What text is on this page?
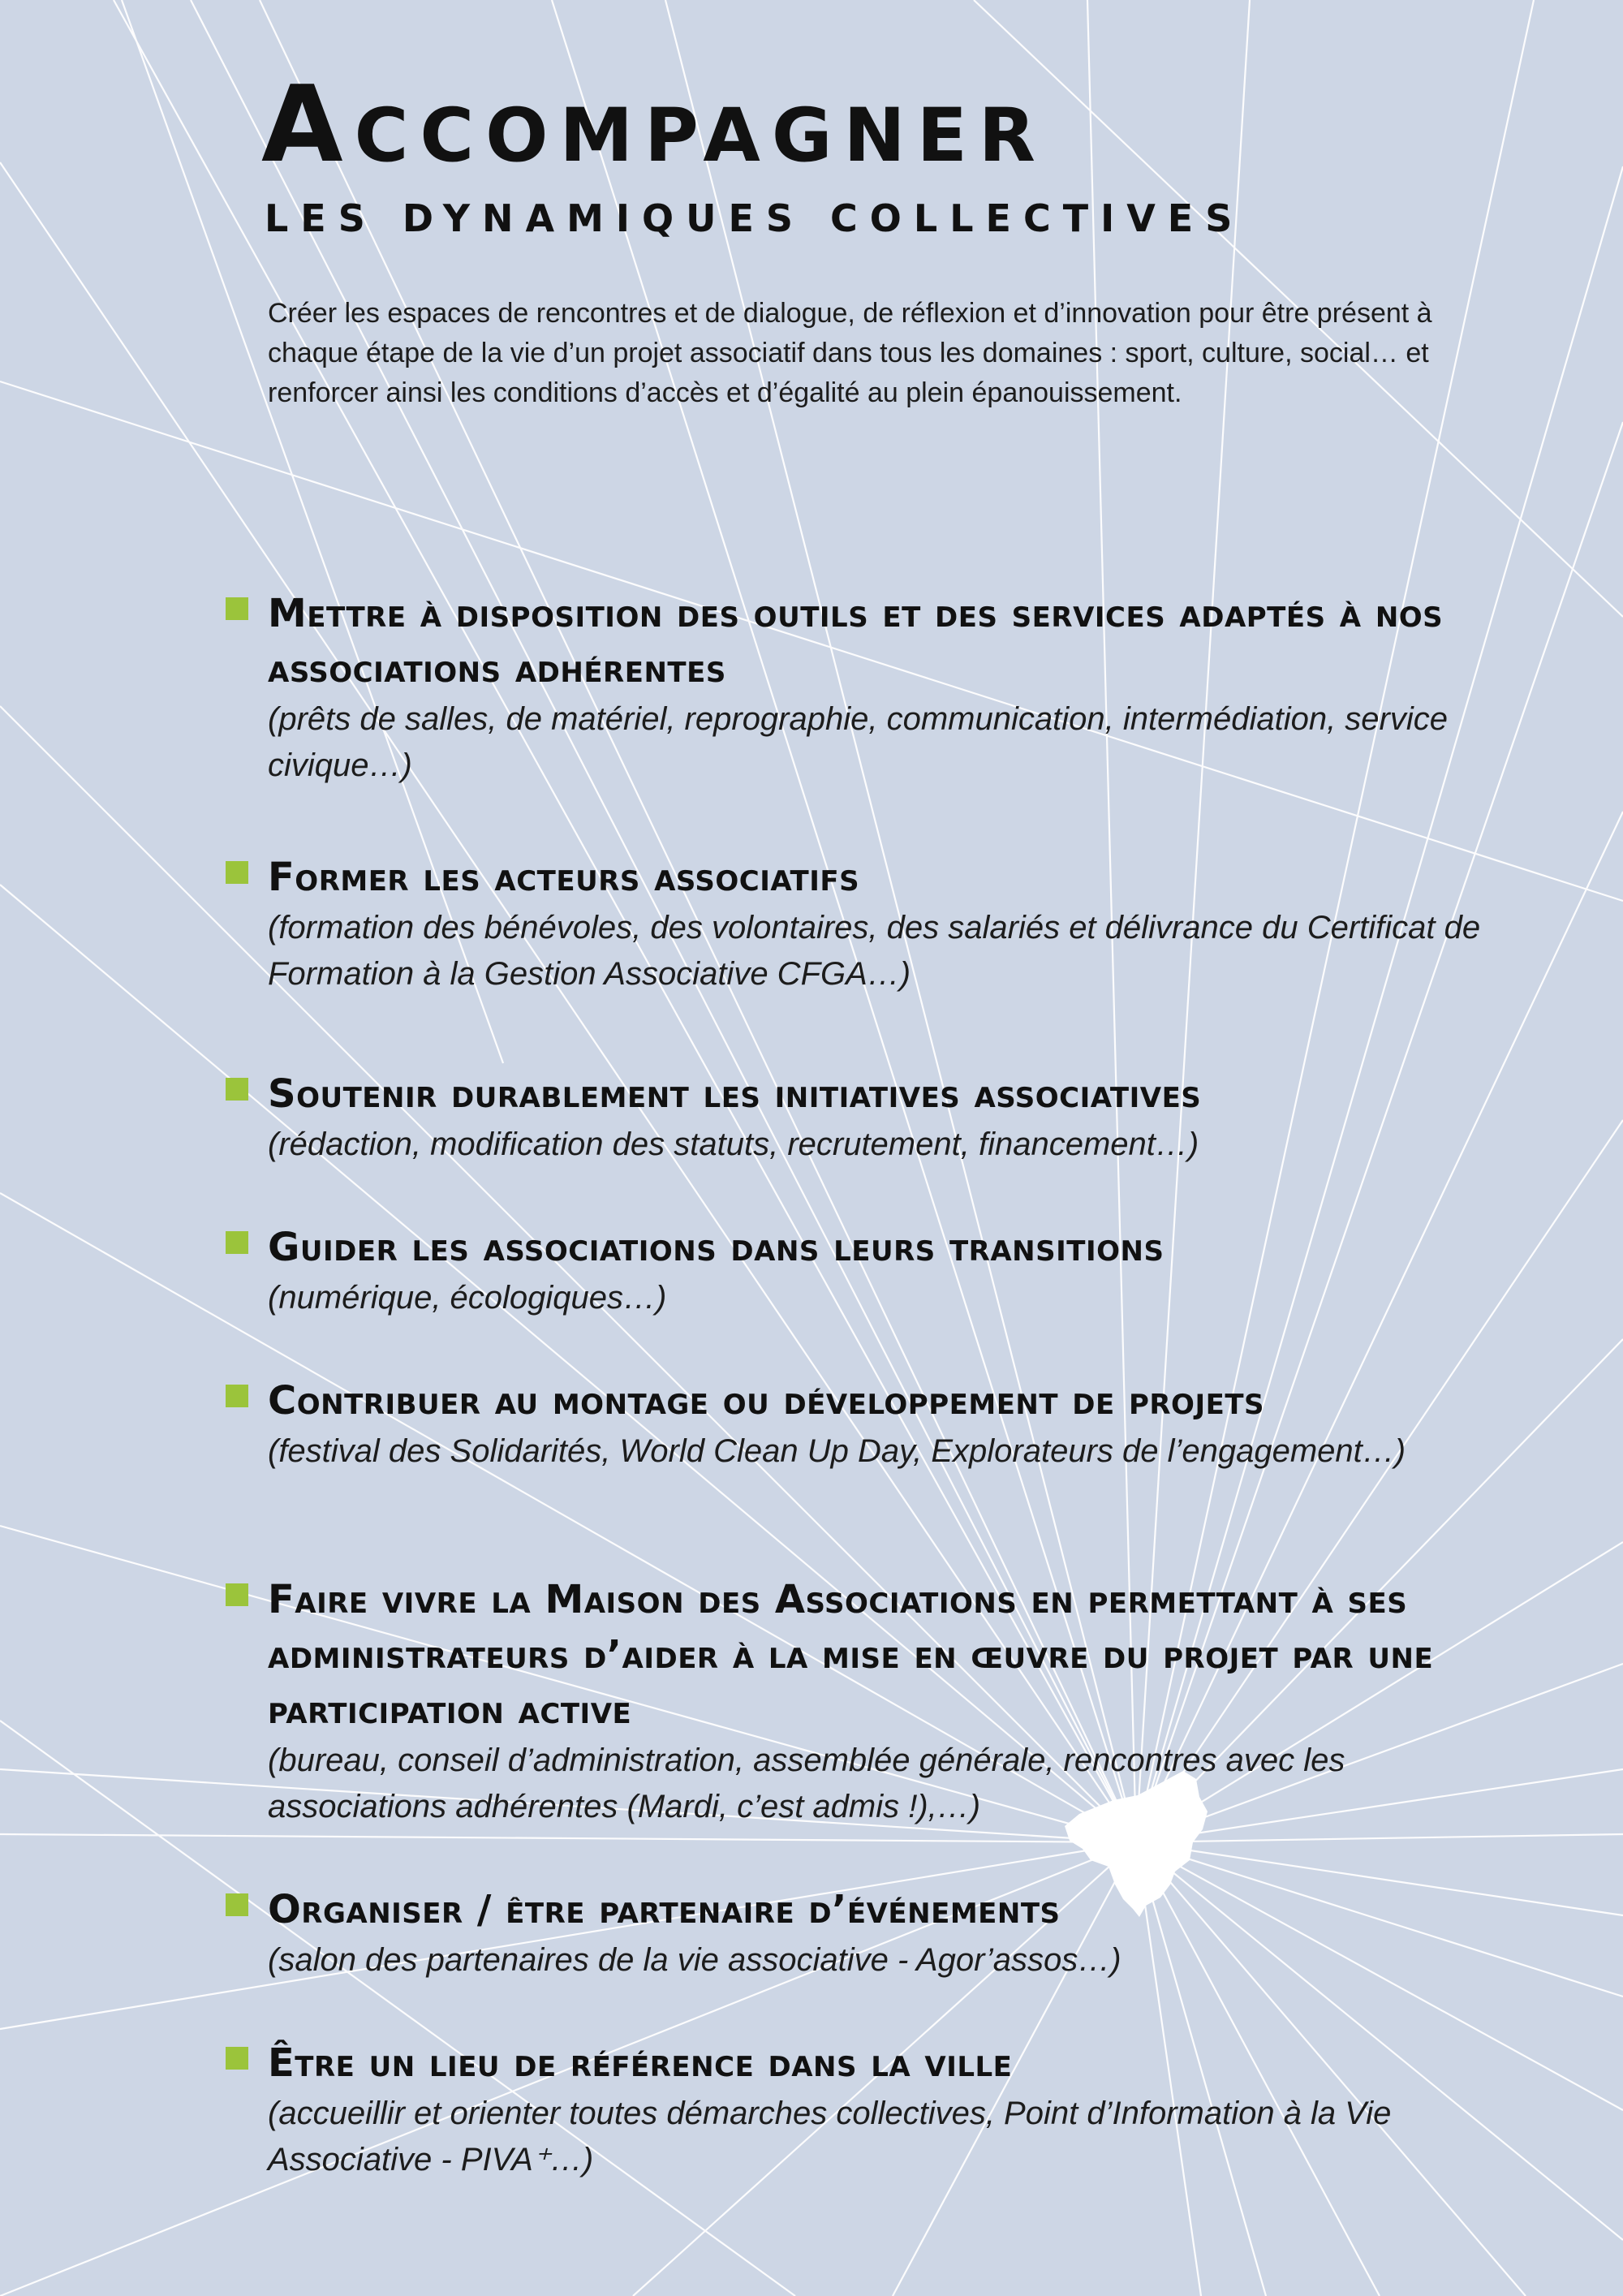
Accompagner
LES DYNAMIQUES COLLECTIVES

Créer les espaces de rencontres et de dialogue, de réflexion et d’innovation pour être présent à chaque étape de la vie d’un projet associatif dans tous les domaines : sport, culture, social… et renforcer ainsi les conditions d’accès et d’égalité au plein épanouissement.

Mettre à disposition des outils et des services adaptés à nos associations adhérentes

(prêts de salles, de matériel, reprographie, communication, intermédiation, service civique…)

Former les acteurs associatifs

(formation des bénévoles, des volontaires, des salariés et délivrance du Certificat de Formation à la Gestion Associative CFGA…)

Soutenir durablement les initiatives associatives

(rédaction, modification des statuts, recrutement, financement…)

Guider les associations dans leurs transitions

(numérique, écologiques…)

Contribuer au montage ou développement de projets

(festival des Solidarités, World Clean Up Day, Explorateurs de l’engagement…)

Faire vivre la Maison des Associations en permettant à ses administrateurs d’aider à la mise en œuvre du projet par une participation active

(bureau, conseil d’administration, assemblée générale, rencontres avec les associations adhérentes (Mardi, c’est admis !),…)

Organiser / être partenaire d’événements

(salon des partenaires de la vie associative - Agor’assos…)

Être un lieu de référence dans la ville

(accueillir et orienter toutes démarches collectives, Point d’Information à la Vie Associative - PIVA⁺…)
